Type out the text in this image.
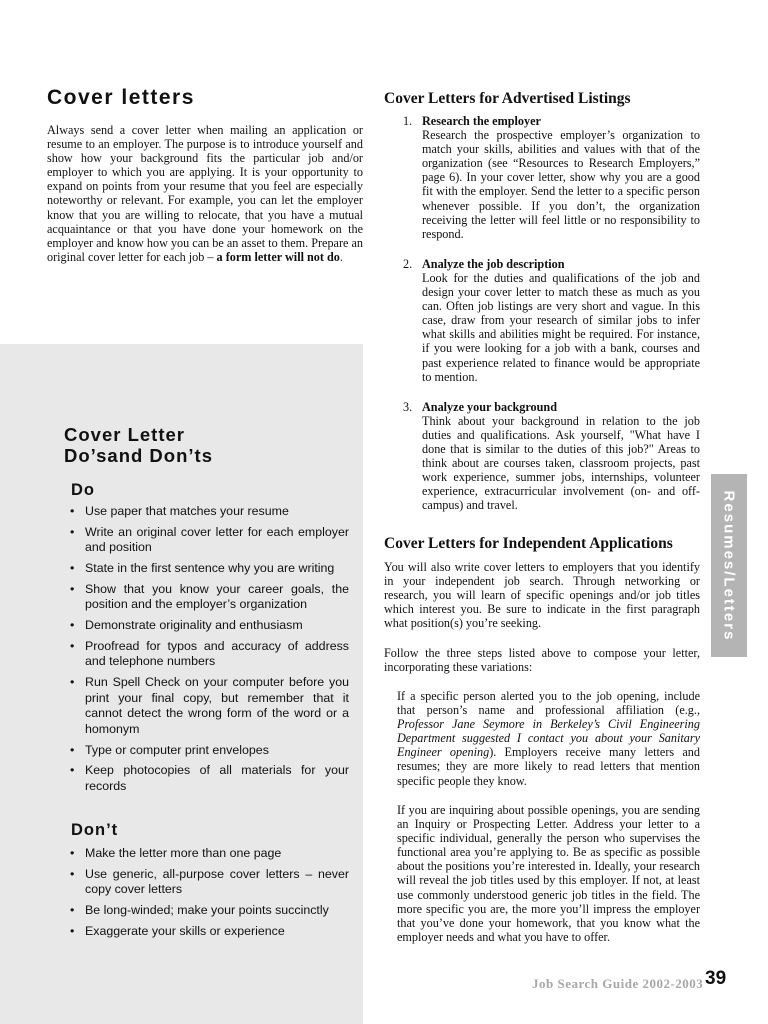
Cover letters

Always send a cover letter when mailing an application or resume to an employer. The purpose is to introduce yourself and show how your background fits the particular job and/or employer to which you are applying. It is your opportunity to expand on points from your resume that you feel are especially noteworthy or relevant. For example, you can let the employer know that you are willing to relocate, that you have a mutual acquaintance or that you have done your homework on the employer and know how you can be an asset to them. Prepare an original cover letter for each job – a form letter will not do.

Cover Letter
Do’sand Don’ts
Do
• Use paper that matches your resume
• Write an original cover letter for each employer and position
• State in the first sentence why you are writing
• Show that you know your career goals, the position and the employer’s organization
• Demonstrate originality and enthusiasm
• Proofread for typos and accuracy of address and telephone numbers
• Run Spell Check on your computer before you print your final copy, but remember that it cannot detect the wrong form of the word or a homonym
• Type or computer print envelopes
• Keep photocopies of all materials for your records
Don’t
• Make the letter more than one page
• Use generic, all-purpose cover letters – never copy cover letters
• Be long-winded; make your points succinctly
• Exaggerate your skills or experience
Cover Letters for Advertised Listings
1. Research the employer
Research the prospective employer’s organization to match your skills, abilities and values with that of the organization (see “Resources to Research Employers,” page 6). In your cover letter, show why you are a good fit with the employer. Send the letter to a specific person whenever possible. If you don’t, the organization receiving the letter will feel little or no responsibility to respond.
2. Analyze the job description
Look for the duties and qualifications of the job and design your cover letter to match these as much as you can. Often job listings are very short and vague. In this case, draw from your research of similar jobs to infer what skills and abilities might be required. For instance, if you were looking for a job with a bank, courses and past experience related to finance would be appropriate to mention.
3. Analyze your background
Think about your background in relation to the job duties and qualifications. Ask yourself, "What have I done that is similar to the duties of this job?" Areas to think about are courses taken, classroom projects, past work experience, summer jobs, internships, volunteer experience, extracurricular involvement (on- and off-campus) and travel.
Cover Letters for Independent Applications

You will also write cover letters to employers that you identify in your independent job search. Through networking or research, you will learn of specific openings and/or job titles which interest you. Be sure to indicate in the first paragraph what position(s) you’re seeking.

Follow the three steps listed above to compose your letter, incorporating these variations:

If a specific person alerted you to the job opening, include that person’s name and professional affiliation (e.g., Professor Jane Seymore in Berkeley’s Civil Engineering Department suggested I contact you about your Sanitary Engineer opening). Employers receive many letters and resumes; they are more likely to read letters that mention specific people they know.

If you are inquiring about possible openings, you are sending an Inquiry or Prospecting Letter. Address your letter to a specific individual, generally the person who supervises the functional area you’re applying to. Be as specific as possible about the positions you’re interested in. Ideally, your research will reveal the job titles used by this employer. If not, at least use commonly understood generic job titles in the field. The more specific you are, the more you’ll impress the employer that you’ve done your homework, that you know what the employer needs and what you have to offer.

Resumes/Letters
Job Search Guide 2002-2003 39
